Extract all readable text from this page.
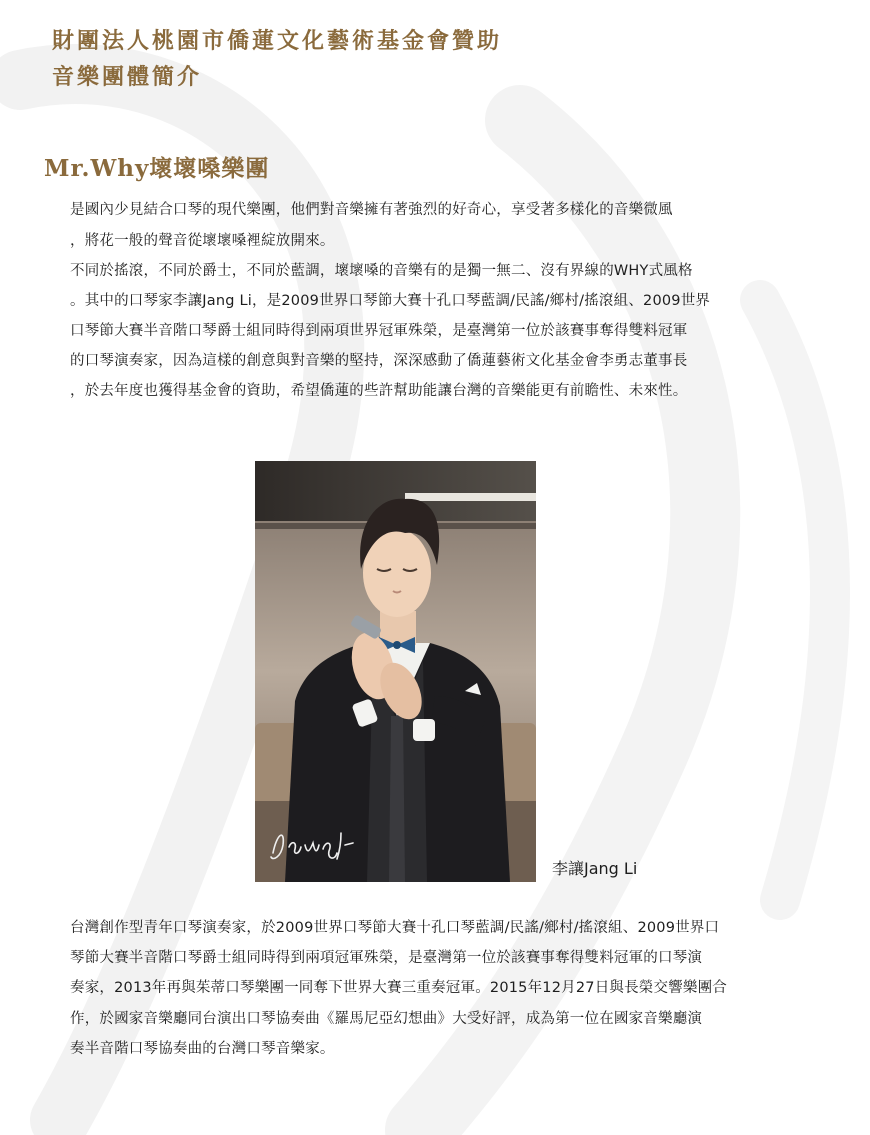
財團法人桃園市僑蓮文化藝術基金會贊助
音樂團體簡介
Mr.Why壞壞嗓樂團
是國內少見結合口琴的現代樂團，他們對音樂擁有著強烈的好奇心，享受著多樣化的音樂微風
，將花一般的聲音從壞壞嗓裡綻放開來。
不同於搖滾，不同於爵士，不同於藍調，壞壞嗓的音樂有的是獨一無二、沒有界線的WHY式風格
。其中的口琴家李讓Jang Li，是2009世界口琴節大賽十孔口琴藍調/民謠/鄉村/搖滾組、2009世界
口琴節大賽半音階口琴爵士組同時得到兩項世界冠軍殊榮，是臺灣第一位於該賽事奪得雙料冠軍
的口琴演奏家，因為這樣的創意與對音樂的堅持，深深感動了僑蓮藝術文化基金會李勇志董事長
，於去年度也獲得基金會的資助，希望僑蓮的些許幫助能讓台灣的音樂能更有前瞻性、未來性。
李讓Jang Li
台灣創作型青年口琴演奏家，於2009世界口琴節大賽十孔口琴藍調/民謠/鄉村/搖滾組、2009世界口
琴節大賽半音階口琴爵士組同時得到兩項冠軍殊榮，是臺灣第一位於該賽事奪得雙料冠軍的口琴演
奏家，2013年再與茱蒂口琴樂團一同奪下世界大賽三重奏冠軍。2015年12月27日與長榮交響樂團合
作，於國家音樂廳同台演出口琴協奏曲《羅馬尼亞幻想曲》大受好評，成為第一位在國家音樂廳演
奏半音階口琴協奏曲的台灣口琴音樂家。
